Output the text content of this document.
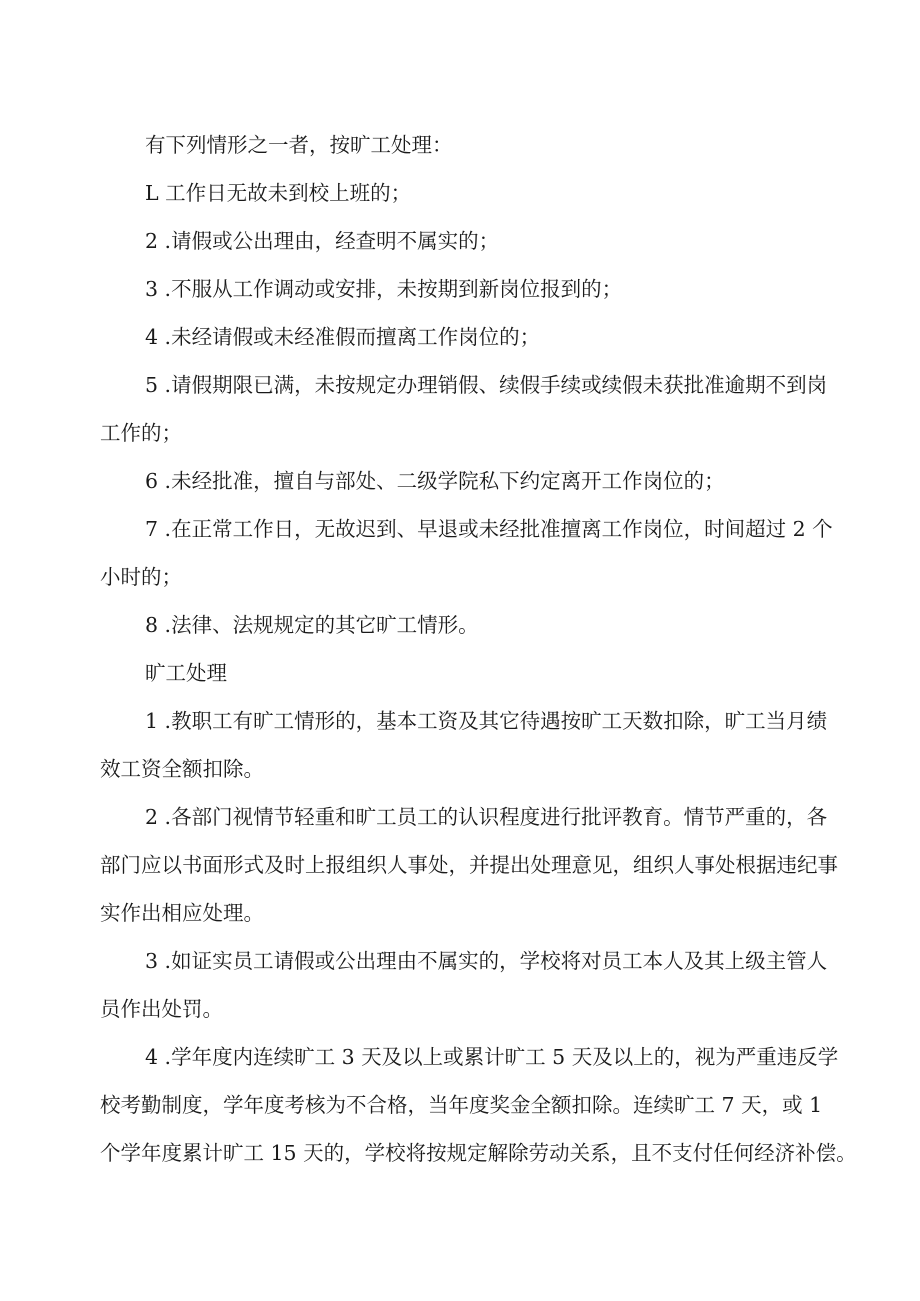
有下列情形之一者，按旷工处理：
L 工作日无故未到校上班的；
2 .请假或公出理由，经查明不属实的；
3 .不服从工作调动或安排，未按期到新岗位报到的；
4 .未经请假或未经准假而擅离工作岗位的；
5 .请假期限已满，未按规定办理销假、续假手续或续假未获批准逾期不到岗
工作的；
6 .未经批准，擅自与部处、二级学院私下约定离开工作岗位的；
7 .在正常工作日，无故迟到、早退或未经批准擅离工作岗位，时间超过 2 个
小时的；
8 .法律、法规规定的其它旷工情形。
旷工处理
1 .教职工有旷工情形的，基本工资及其它待遇按旷工天数扣除，旷工当月绩
效工资全额扣除。
2 .各部门视情节轻重和旷工员工的认识程度进行批评教育。情节严重的，各
部门应以书面形式及时上报组织人事处，并提出处理意见，组织人事处根据违纪事
实作出相应处理。
3 .如证实员工请假或公出理由不属实的，学校将对员工本人及其上级主管人
员作出处罚。
4 .学年度内连续旷工 3 天及以上或累计旷工 5 天及以上的，视为严重违反学
校考勤制度，学年度考核为不合格，当年度奖金全额扣除。连续旷工 7 天，或 1
个学年度累计旷工 15 天的，学校将按规定解除劳动关系，且不支付任何经济补偿。
